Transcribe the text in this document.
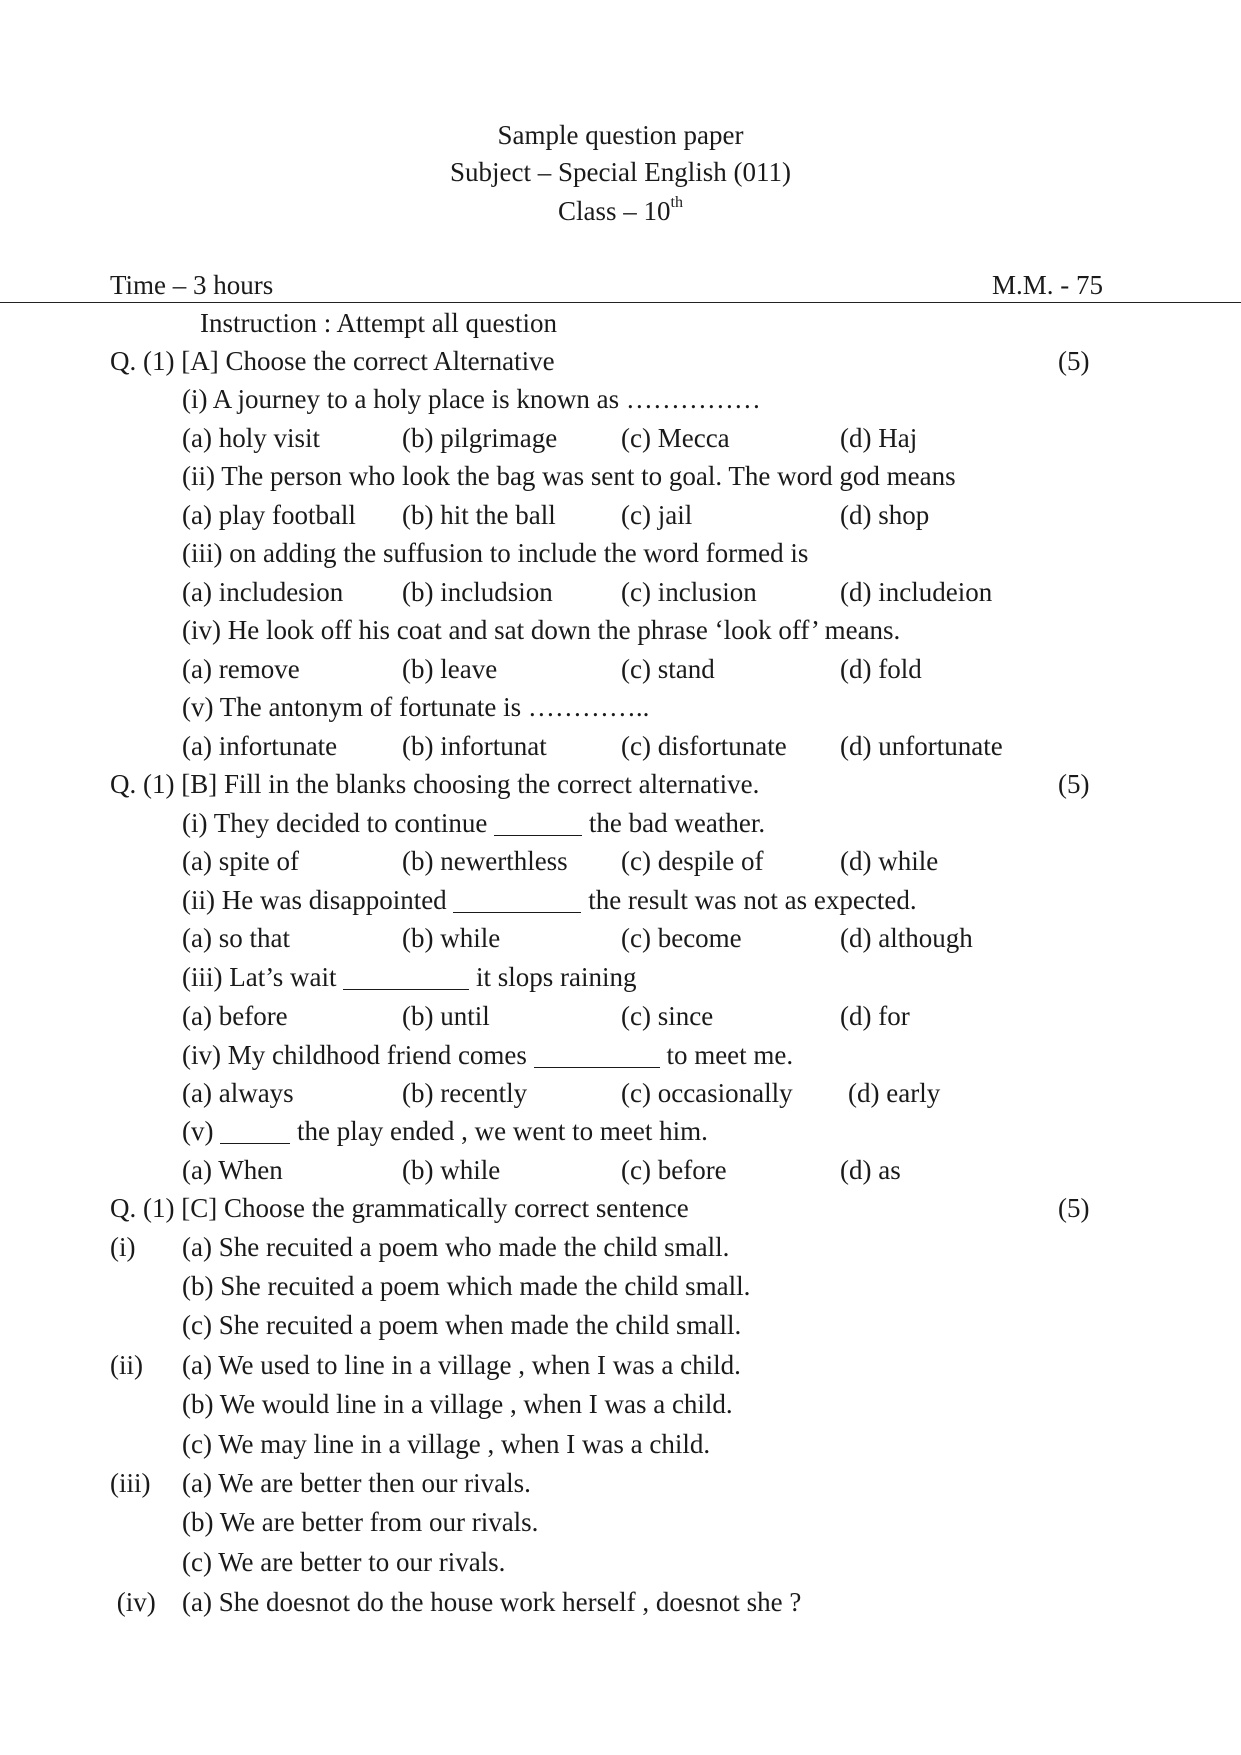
Sample question paper
Subject – Special English (011)
Class – 10th
Time – 3 hours	M.M. - 75
Instruction : Attempt all question
Q. (1) [A] Choose the correct Alternative	(5)
(i) A journey to a holy place is known as ……………
(a) holy visit	(b) pilgrimage (c) Mecca	(d) Haj
(ii) The person who look the bag was sent to goal. The word god means
(a) play football (b) hit the ball (c) jail	(d) shop
(iii) on adding the suffusion to include the word formed is
(a) includesion (b) includsion	(c) inclusion	(d) includeion
(iv) He look off his coat and sat down the phrase ‘look off’ means.
(a) remove	(b) leave	(c) stand	(d) fold
(v) The antonym of fortunate is …………..
(a) infortunate (b) infortunat	(c) disfortunate (d) unfortunate
Q. (1) [B] Fill in the blanks choosing the correct alternative.	(5)
(i) They decided to continue	the bad weather.
(a) spite of	(b) newerthless (c) despile of	(d) while
(ii) He was disappointed	the result was not as expected.
(a) so that	(b) while	(c) become	(d) although
(iii) Lat’s wait	it slops raining
(a) before	(b) until	(c) since	(d) for
(iv) My childhood friend comes	to meet me.
(a) always	(b) recently	(c) occasionally (d) early
(v)	the play ended , we went to meet him.
(a) When	(b) while	(c) before	(d) as
Q. (1) [C] Choose the grammatically correct sentence	(5)
(i) (a) She recuited a poem who made the child small.
(b) She recuited a poem which made the child small.
(c) She recuited a poem when made the child small.
(ii) (a) We used to line in a village , when I was a child.
(b) We would line in a village , when I was a child.
(c) We may line in a village , when I was a child.
(iii) (a) We are better then our rivals.
(b) We are better from our rivals.
(c) We are better to our rivals.
(iv) (a) She doesnot do the house work herself , doesnot she ?
